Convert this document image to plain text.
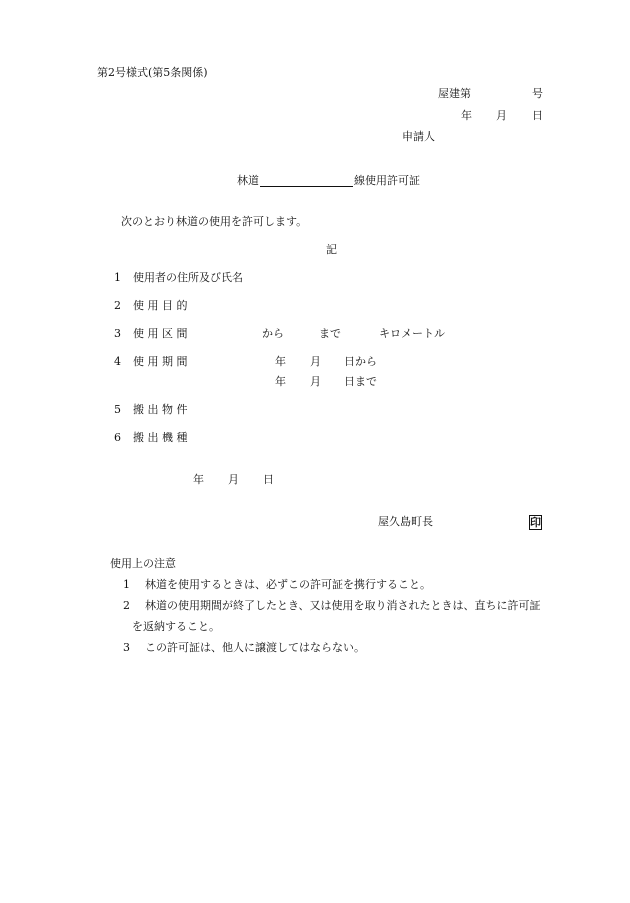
第2号様式(第5条関係)
屋建第	号
年 月 日
申請人
林道	線使用許可証
次のとおり林道の使用を許可します。
記
1 使用者の住所及び氏名
2 使 用 目 的
3 使 用 区 間	から	まで	キロメートル
4 使 用 期 間	年 月 日から
年 月 日まで
5 搬 出 物 件
6 搬 出 機 種
年 月 日
屋久島町長	印
使用上の注意
1 林道を使用するときは、必ずこの許可証を携行すること。
2 林道の使用期間が終了したとき、又は使用を取り消されたときは、直ちに許可証
を返納すること。
3 この許可証は、他人に譲渡してはならない。
